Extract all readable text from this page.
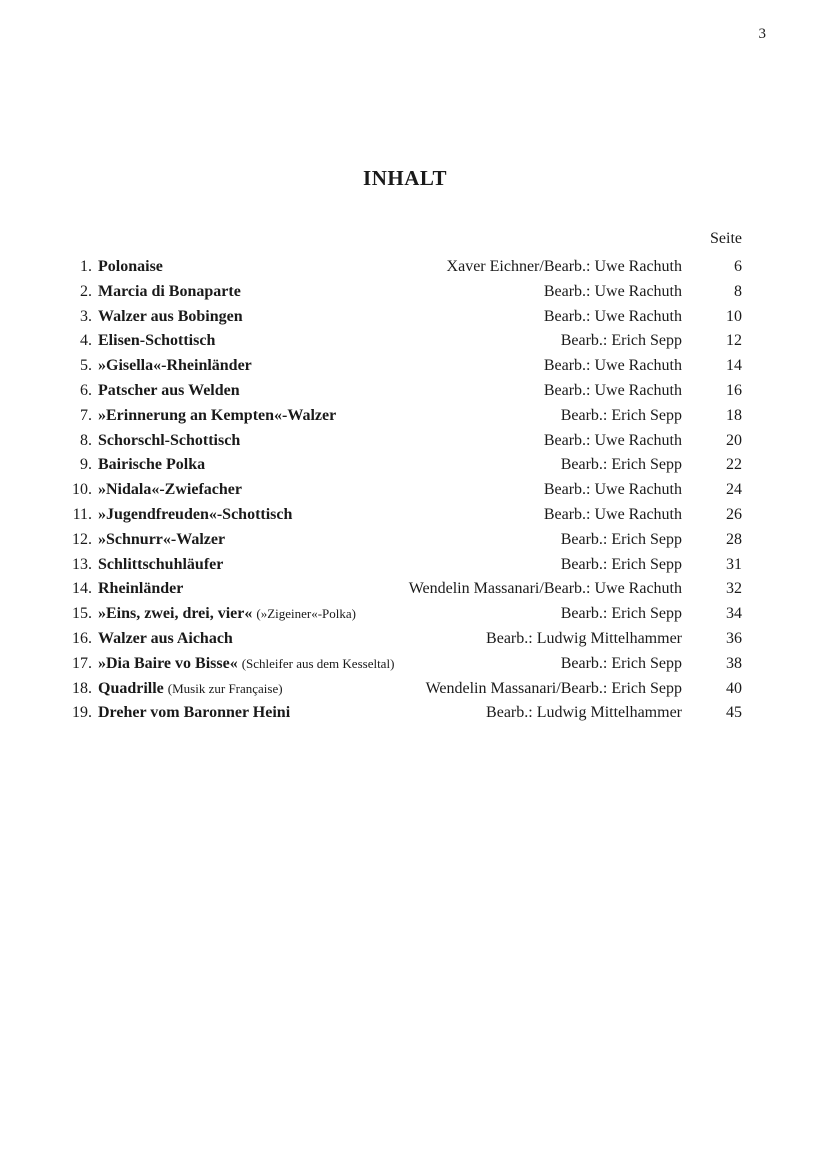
3
INHALT
Seite
1. Polonaise	Xaver Eichner/Bearb.: Uwe Rachuth	6
2. Marcia di Bonaparte	Bearb.: Uwe Rachuth	8
3. Walzer aus Bobingen	Bearb.: Uwe Rachuth	10
4. Elisen-Schottisch	Bearb.: Erich Sepp	12
5. »Gisella«-Rheinländer	Bearb.: Uwe Rachuth	14
6. Patscher aus Welden	Bearb.: Uwe Rachuth	16
7. »Erinnerung an Kempten«-Walzer	Bearb.: Erich Sepp	18
8. Schorschl-Schottisch	Bearb.: Uwe Rachuth	20
9. Bairische Polka	Bearb.: Erich Sepp	22
10. »Nidala«-Zwiefacher	Bearb.: Uwe Rachuth	24
11. »Jugendfreuden«-Schottisch	Bearb.: Uwe Rachuth	26
12. »Schnurr«-Walzer	Bearb.: Erich Sepp	28
13. Schlittschuhläufer	Bearb.: Erich Sepp	31
14. Rheinländer	Wendelin Massanari/Bearb.: Uwe Rachuth	32
15. »Eins, zwei, drei, vier« (»Zigeiner«-Polka)	Bearb.: Erich Sepp	34
16. Walzer aus Aichach	Bearb.: Ludwig Mittelhammer	36
17. »Dia Baire vo Bisse« (Schleifer aus dem Kesseltal)	Bearb.: Erich Sepp	38
18. Quadrille (Musik zur Française)	Wendelin Massanari/Bearb.: Erich Sepp	40
19. Dreher vom Baronner Heini	Bearb.: Ludwig Mittelhammer	45
